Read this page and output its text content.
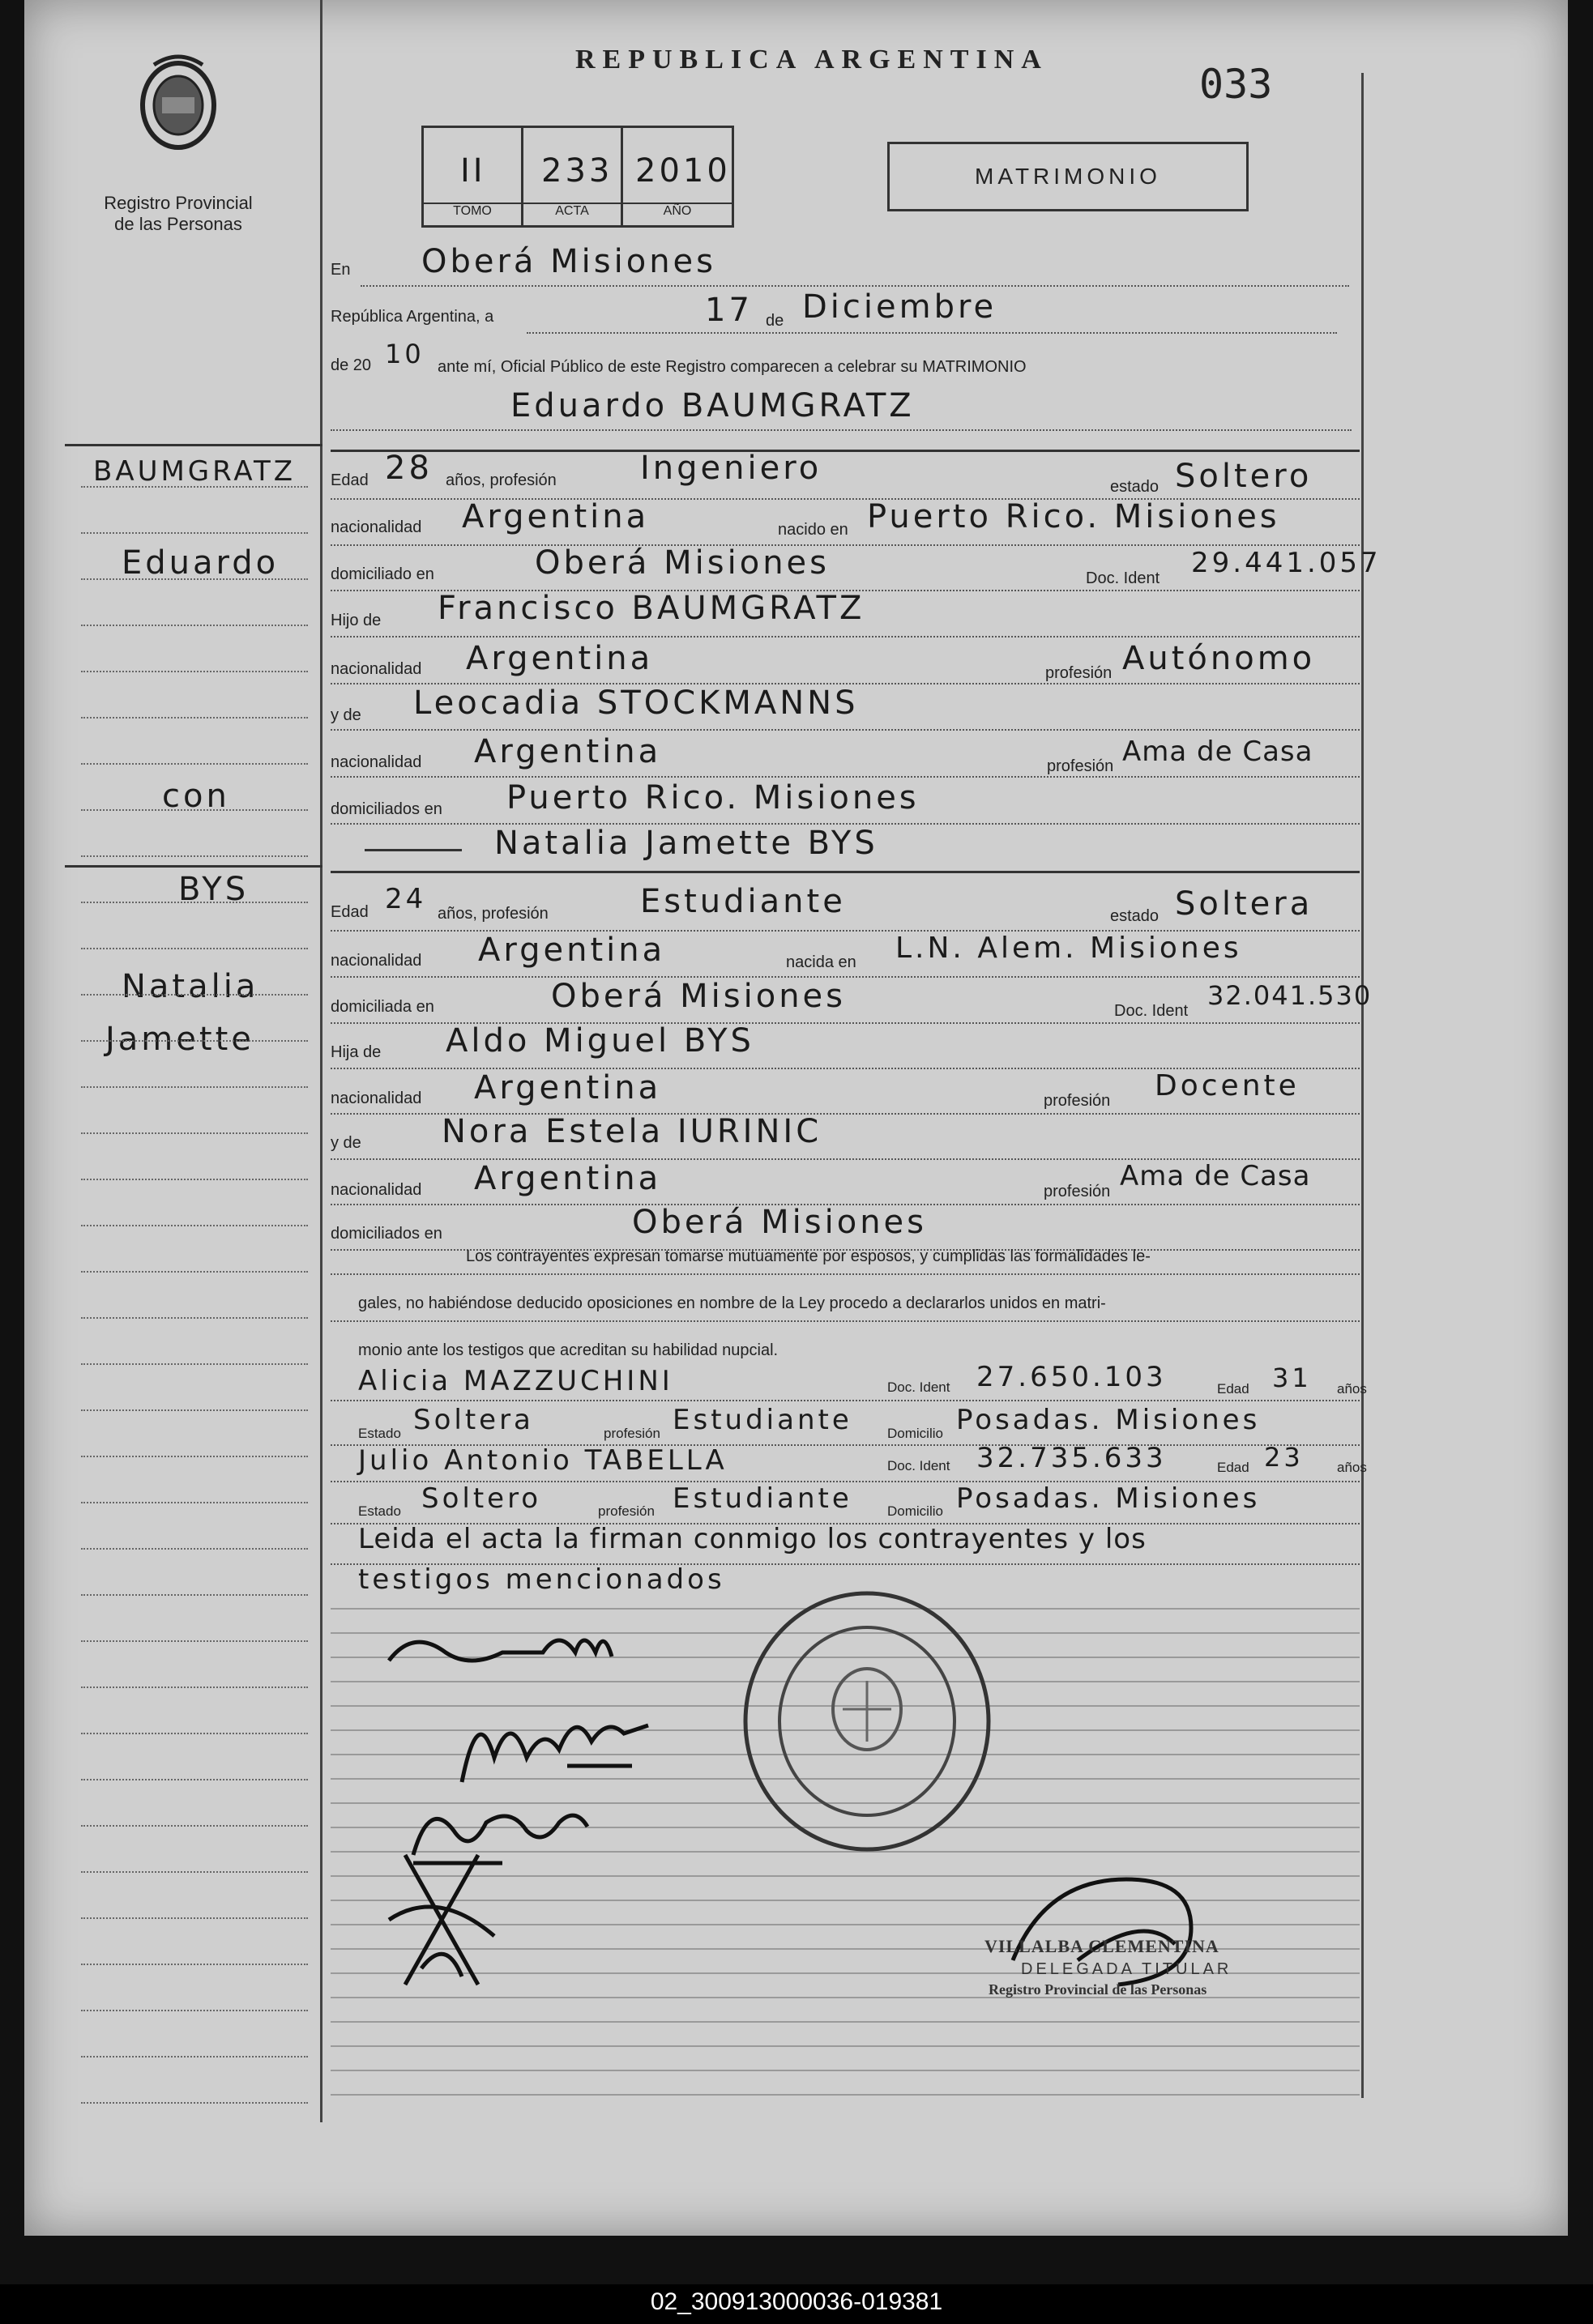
Registro Provincial
de las Personas
REPUBLICA ARGENTINA
033
II
TOMO
233
ACTA
2010
AÑO
MATRIMONIO
En Oberá Misiones
República Argentina, a	17 de Diciembre
de 20 10 ante mí, Oficial Público de este Registro comparecen a celebrar su MATRIMONIO
Eduardo BAUMGRATZ
BAUMGRATZ
Eduardo
con
BYS
Natalia
Jamette
Edad 28 años, profesión	Ingeniero	estado Soltero
nacionalidad Argentina	nacido en Puerto Rico. Misiones
domiciliado en	Oberá Misiones	Doc. Ident 29.441.057
Hijo de Francisco BAUMGRATZ
nacionalidad Argentina	profesión Autónomo
y de Leocadia STOCKMANNS
nacionalidad Argentina	profesión Ama de Casa
domiciliados en Puerto Rico. Misiones
Natalia Jamette BYS
Edad 24 años, profesión	Estudiante	estado Soltera
nacionalidad Argentina	nacida en L.N. Alem. Misiones
domiciliada en	Oberá Misiones	Doc. Ident 32.041.530
Hija de Aldo Miguel BYS
nacionalidad Argentina	profesión Docente
y de Nora Estela IURINIC
nacionalidad Argentina	profesión Ama de Casa
domiciliados en	Oberá Misiones
Los contrayentes expresan tomarse mutuamente por esposos, y cumplidas las formalidades le-
gales, no habiéndose deducido oposiciones en nombre de la Ley procedo a declararlos unidos en matri-
monio ante los testigos que acreditan su habilidad nupcial.
Alicia MAZZUCHINI	Doc. Ident 27.650.103	Edad 31 años
Estado Soltera	profesión Estudiante	Domicilio Posadas. Misiones
Julio Antonio TABELLA	Doc. Ident 32.735.633	Edad 23 años
Estado Soltero	profesión Estudiante	Domicilio Posadas. Misiones
Leida el acta la firman conmigo los contrayentes y los
testigos mencionados
VILLALBA CLEMENTINA
DELEGADA TITULAR
Registro Provincial de las Personas
02_300913000036-019381
